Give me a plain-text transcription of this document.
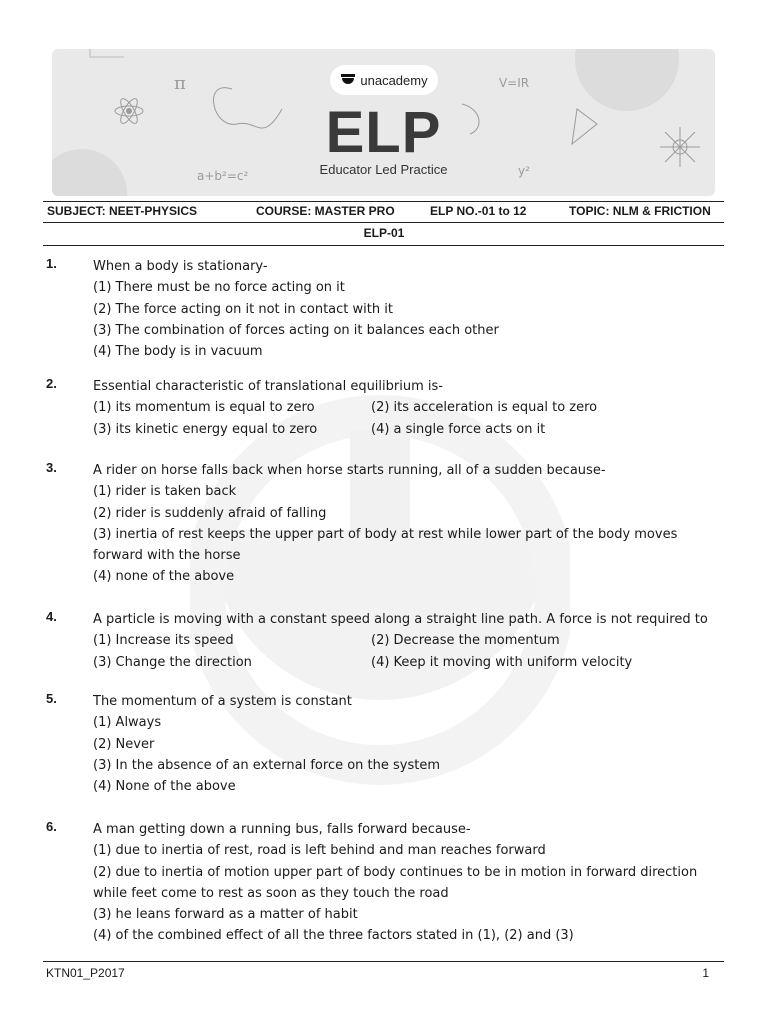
π	V=IR
a+b²=c²	y²
unacademy
ELP
Educator Led Practice
SUBJECT: NEET-PHYSICS	COURSE: MASTER PRO	ELP NO.-01 to 12	TOPIC: NLM & FRICTION
ELP-01
1.	When a body is stationary-
(1) There must be no force acting on it
(2) The force acting on it not in contact with it
(3) The combination of forces acting on it balances each other
(4) The body is in vacuum
2.	Essential characteristic of translational equilibrium is-
(1) its momentum is equal to zero	(2) its acceleration is equal to zero
(3) its kinetic energy equal to zero	(4) a single force acts on it
3.	A rider on horse falls back when horse starts running, all of a sudden because-
(1) rider is taken back
(2) rider is suddenly afraid of falling
(3) inertia of rest keeps the upper part of body at rest while lower part of the body moves forward with the horse
(4) none of the above
4.	A particle is moving with a constant speed along a straight line path. A force is not required to
(1) Increase its speed	(2) Decrease the momentum
(3) Change the direction	(4) Keep it moving with uniform velocity
5.	The momentum of a system is constant
(1) Always
(2) Never
(3) In the absence of an external force on the system
(4) None of the above
6.	A man getting down a running bus, falls forward because-
(1) due to inertia of rest, road is left behind and man reaches forward
(2) due to inertia of motion upper part of body continues to be in motion in forward direction while feet come to rest as soon as they touch the road
(3) he leans forward as a matter of habit
(4) of the combined effect of all the three factors stated in (1), (2) and (3)
KTN01_P2017	1
